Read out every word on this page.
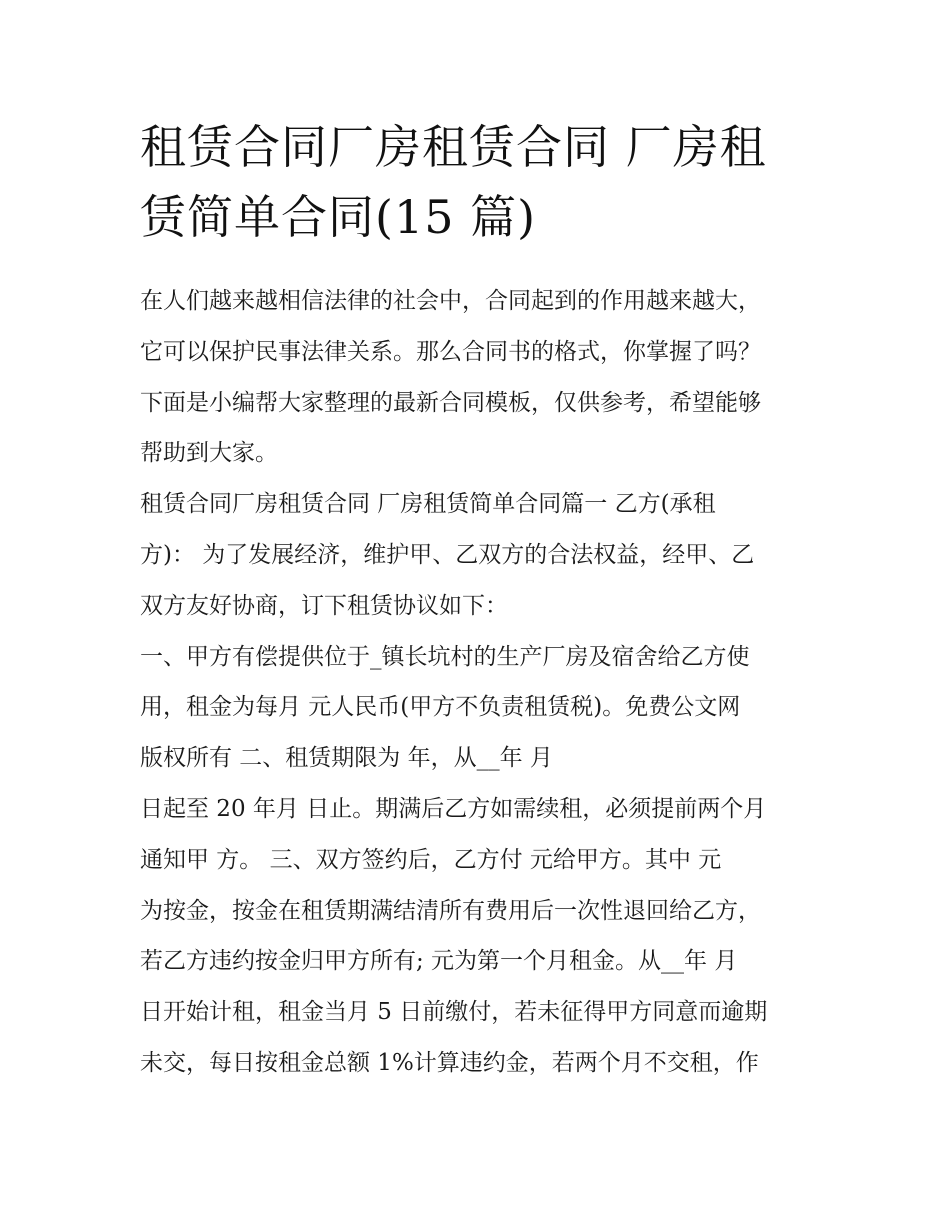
租赁合同厂房租赁合同 厂房租
赁简单合同(15 篇)
在人们越来越相信法律的社会中，合同起到的作用越来越大，
它可以保护民事法律关系。那么合同书的格式，你掌握了吗？
下面是小编帮大家整理的最新合同模板，仅供参考，希望能够
帮助到大家。
租赁合同厂房租赁合同 厂房租赁简单合同篇一 乙方(承租
方)： 为了发展经济，维护甲、乙双方的合法权益，经甲、乙
双方友好协商，订下租赁协议如下：
一、甲方有偿提供位于_镇长坑村的生产厂房及宿舍给乙方使
用，租金为每月 元人民币(甲方不负责租赁税)。免费公文网
版权所有 二、租赁期限为 年，从__年 月
日起至 20 年月 日止。期满后乙方如需续租，必须提前两个月
通知甲 方。 三、双方签约后，乙方付 元给甲方。其中 元
为按金，按金在租赁期满结清所有费用后一次性退回给乙方，
若乙方违约按金归甲方所有; 元为第一个月租金。从__年 月
日开始计租，租金当月 5 日前缴付，若未征得甲方同意而逾期
未交，每日按租金总额 1%计算违约金，若两个月不交租，作
